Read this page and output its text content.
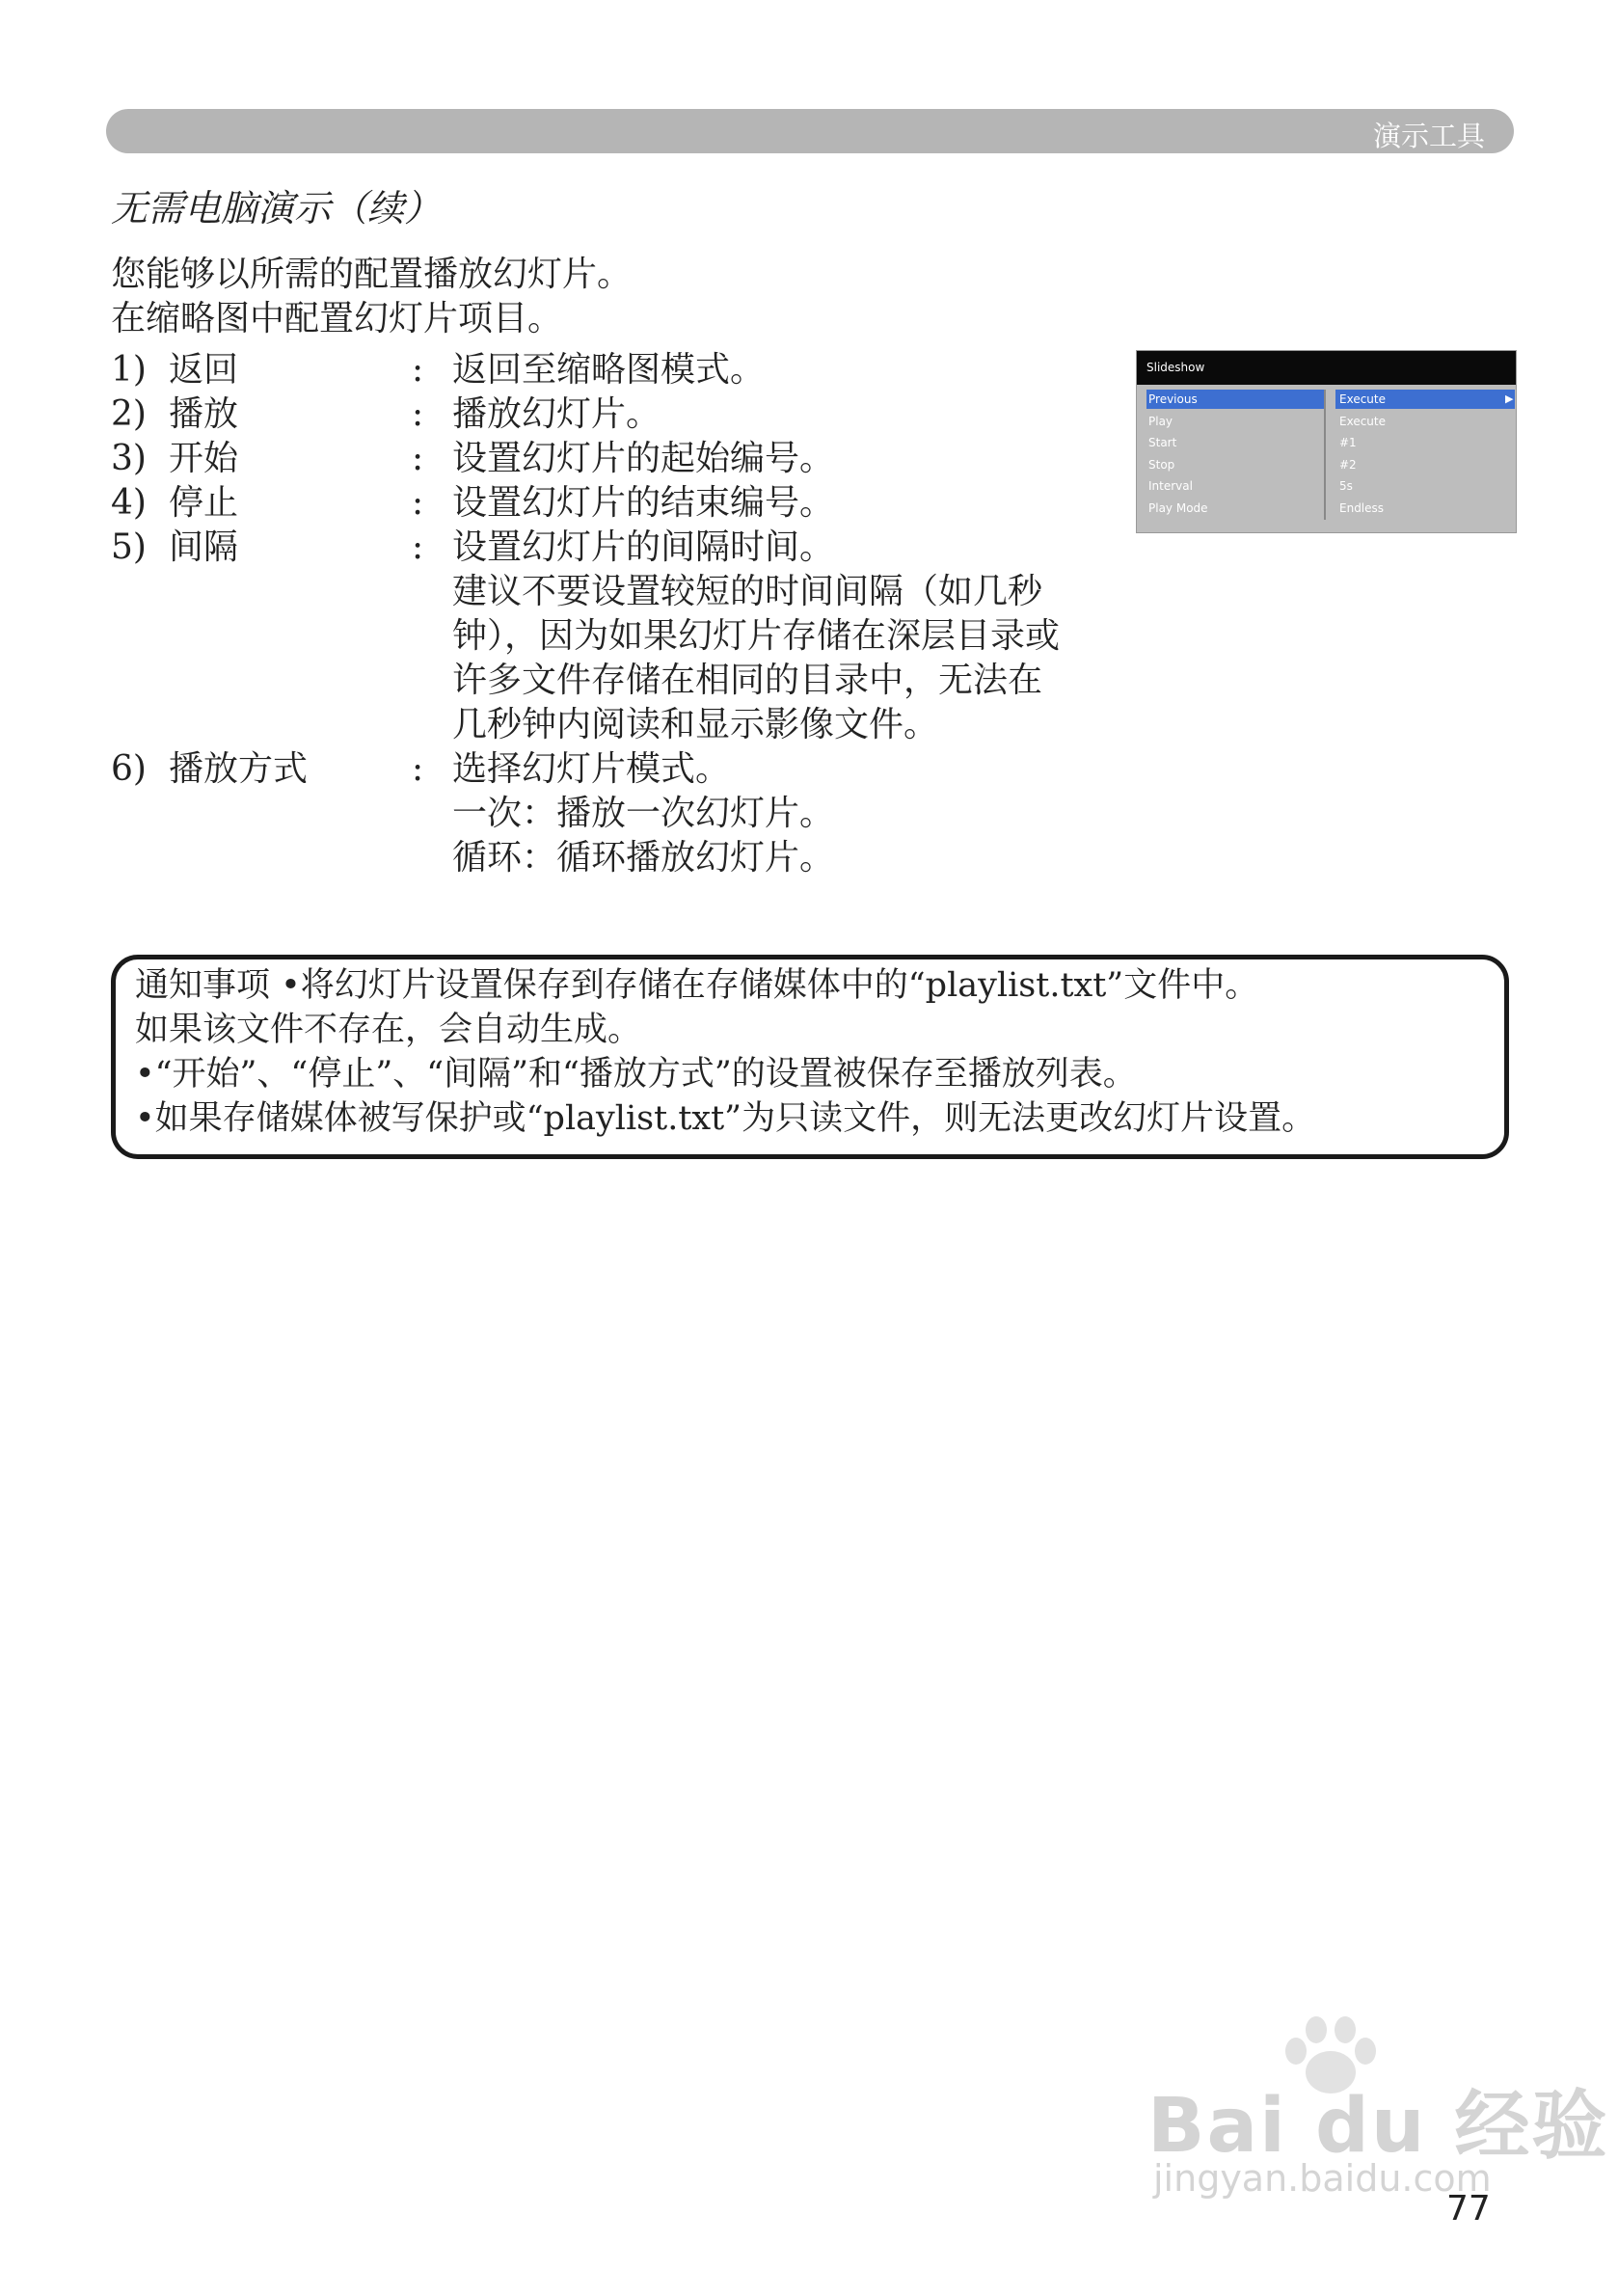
演示工具
无需电脑演示（续）
您能够以所需的配置播放幻灯片。
在缩略图中配置幻灯片项目。
1) 返回	: 返回至缩略图模式。
2) 播放	: 播放幻灯片。
3) 开始	: 设置幻灯片的起始编号。
4) 停止	: 设置幻灯片的结束编号。
5) 间隔	: 设置幻灯片的间隔时间。
建议不要设置较短的时间间隔（如几秒
钟），因为如果幻灯片存储在深层目录或
许多文件存储在相同的目录中，无法在
几秒钟内阅读和显示影像文件。
6) 播放方式	: 选择幻灯片模式。
一次：播放一次幻灯片。
循环：循环播放幻灯片。
Slideshow
Previous	Execute	▶
Play	Execute
Start	#1
Stop	#2
Interval	5s
Play Mode	Endless
通知事项 •将幻灯片设置保存到存储在存储媒体中的“playlist.txt”文件中。
如果该文件不存在，会自动生成。
•“开始”、“停止”、“间隔”和“播放方式”的设置被保存至播放列表。
•如果存储媒体被写保护或“playlist.txt”为只读文件，则无法更改幻灯片设置。
Bai du 经验
jingyan.baidu.com
77
